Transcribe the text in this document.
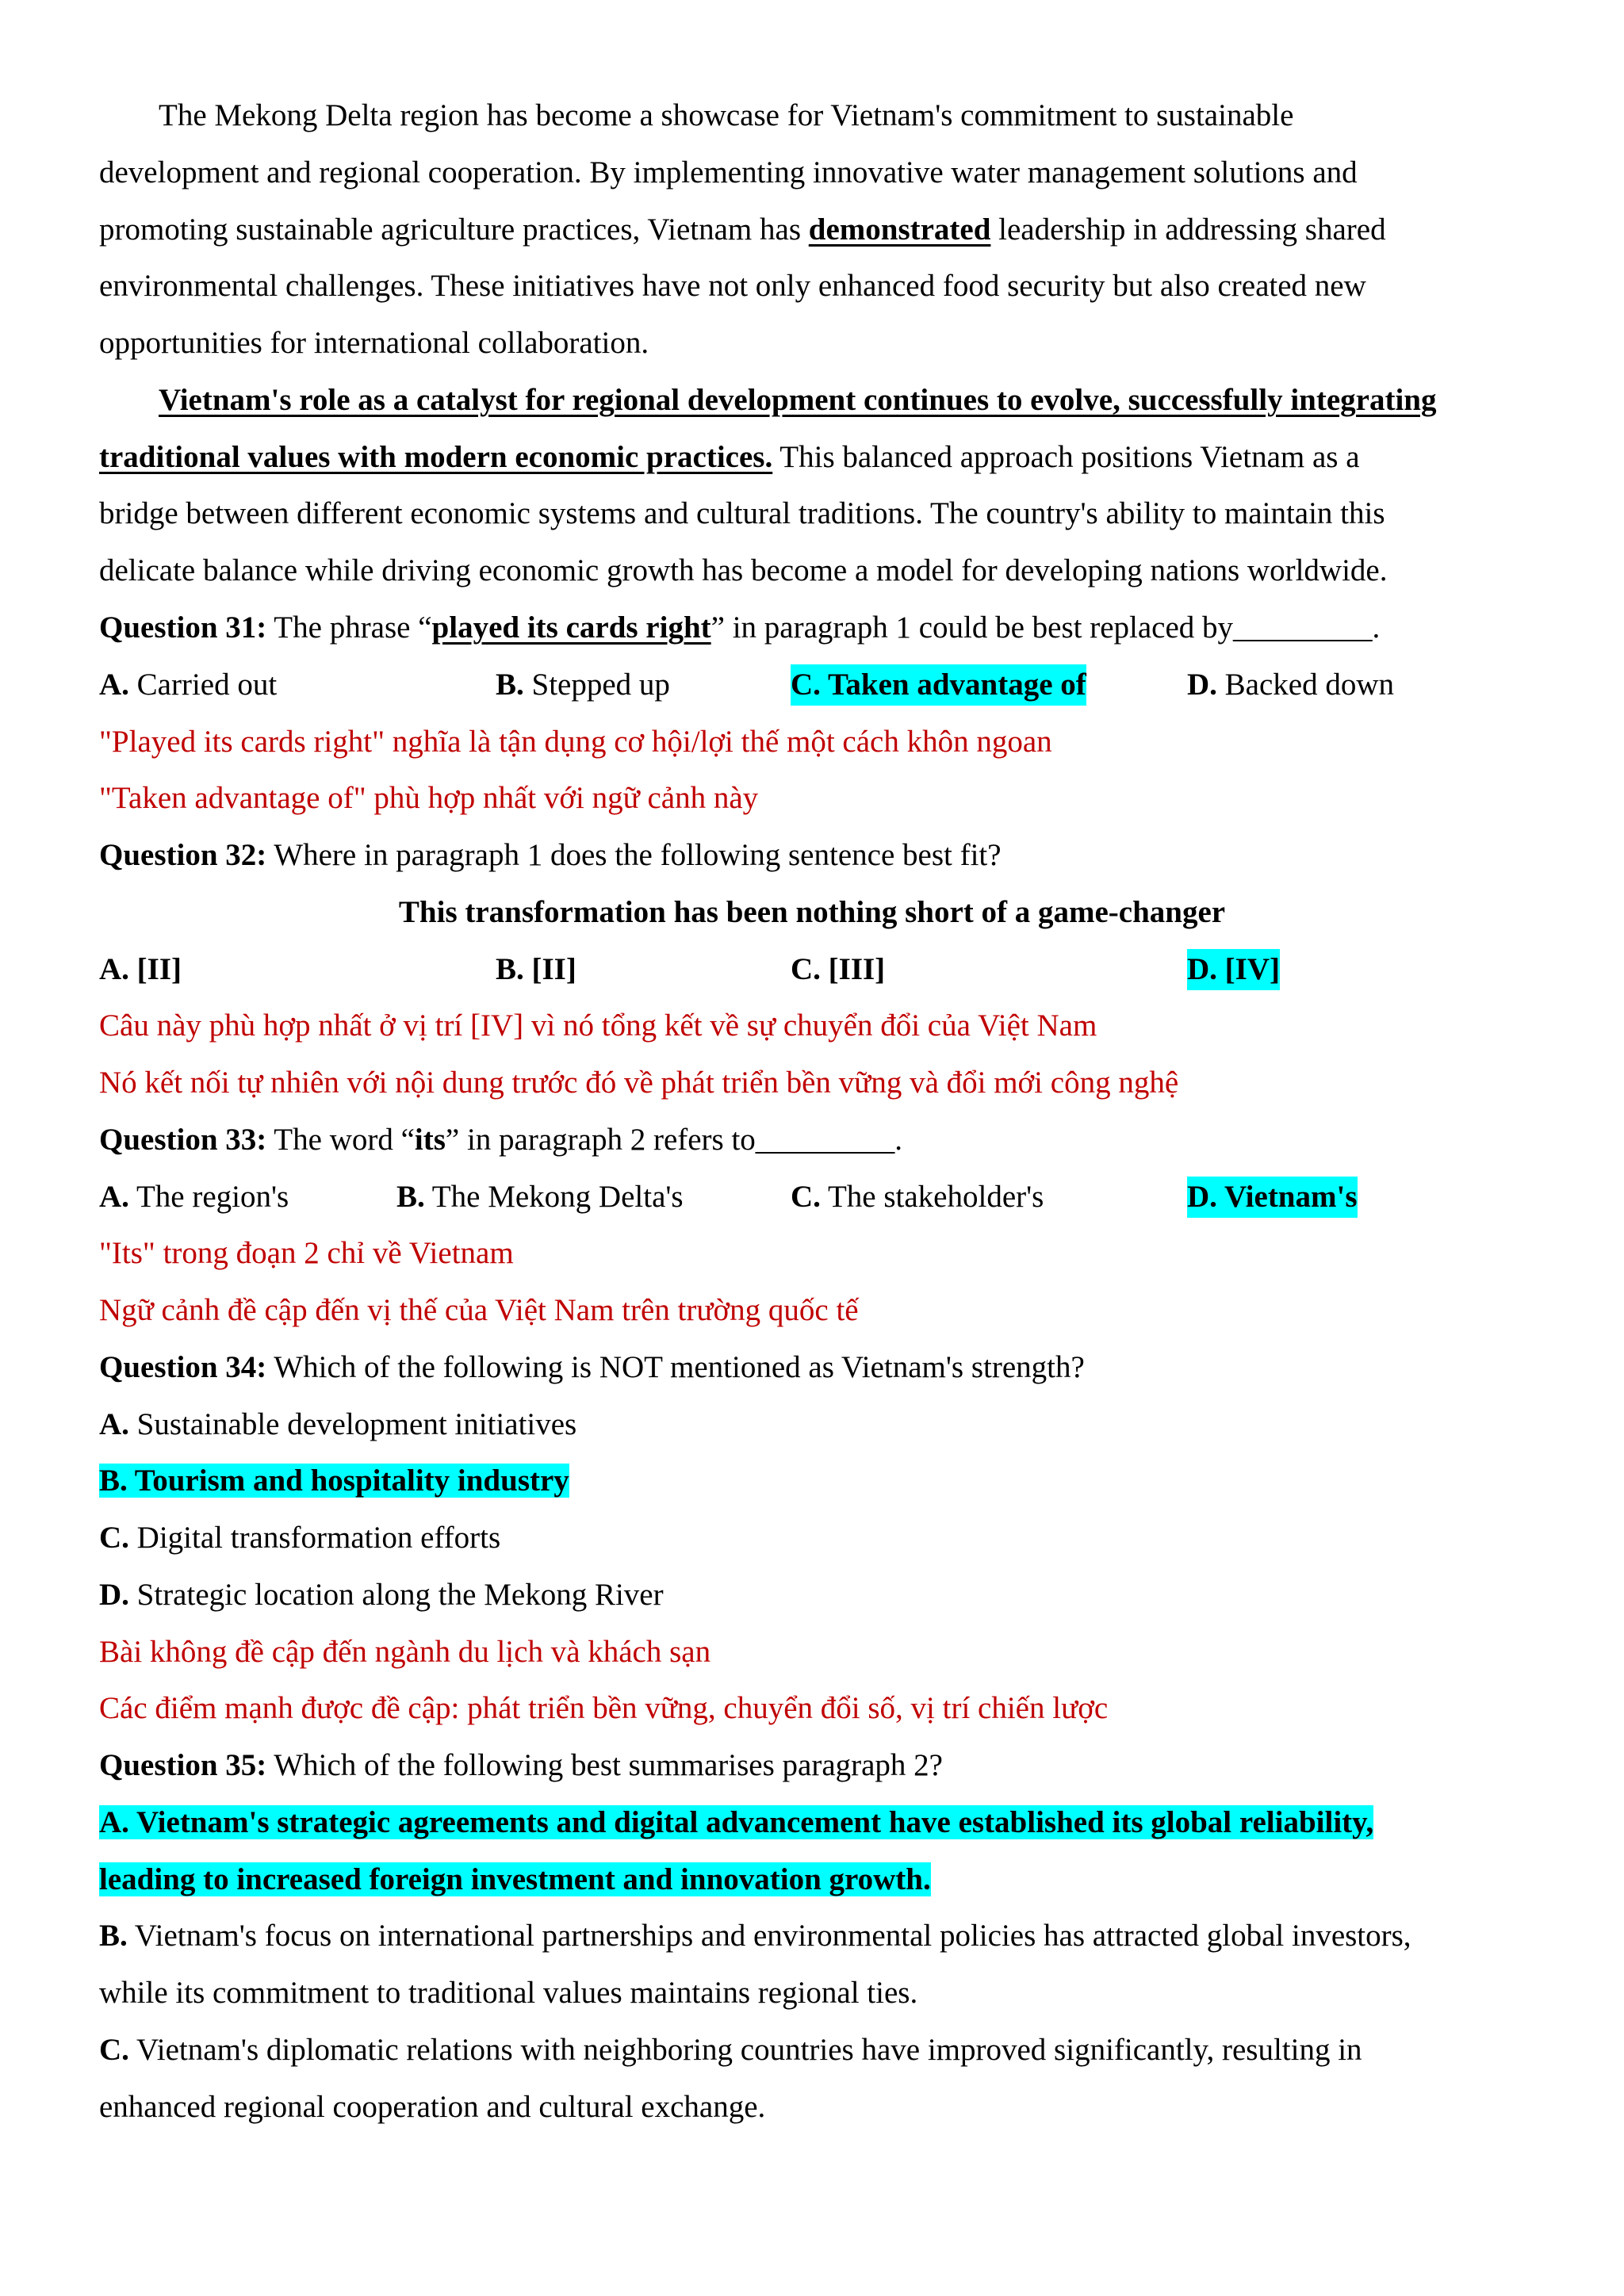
The Mekong Delta region has become a showcase for Vietnam's commitment to sustainable
development and regional cooperation. By implementing innovative water management solutions and
promoting sustainable agriculture practices, Vietnam has demonstrated leadership in addressing shared
environmental challenges. These initiatives have not only enhanced food security but also created new
opportunities for international collaboration.
Vietnam's role as a catalyst for regional development continues to evolve, successfully integrating
traditional values with modern economic practices. This balanced approach positions Vietnam as a
bridge between different economic systems and cultural traditions. The country's ability to maintain this
delicate balance while driving economic growth has become a model for developing nations worldwide.
Question 31: The phrase “played its cards right” in paragraph 1 could be best replaced by_________.
A. Carried out	B. Stepped up	C. Taken advantage of	D. Backed down
"Played its cards right" nghĩa là tận dụng cơ hội/lợi thế một cách khôn ngoan
"Taken advantage of" phù hợp nhất với ngữ cảnh này
Question 32: Where in paragraph 1 does the following sentence best fit?
This transformation has been nothing short of a game-changer
A. [II]	B. [II]	C. [III]	D. [IV]
Câu này phù hợp nhất ở vị trí [IV] vì nó tổng kết về sự chuyển đổi của Việt Nam
Nó kết nối tự nhiên với nội dung trước đó về phát triển bền vững và đổi mới công nghệ
Question 33: The word “its” in paragraph 2 refers to_________.
A. The region's	B. The Mekong Delta's	C. The stakeholder's	D. Vietnam's
"Its" trong đoạn 2 chỉ về Vietnam
Ngữ cảnh đề cập đến vị thế của Việt Nam trên trường quốc tế
Question 34: Which of the following is NOT mentioned as Vietnam's strength?
A. Sustainable development initiatives
B. Tourism and hospitality industry
C. Digital transformation efforts
D. Strategic location along the Mekong River
Bài không đề cập đến ngành du lịch và khách sạn
Các điểm mạnh được đề cập: phát triển bền vững, chuyển đổi số, vị trí chiến lược
Question 35: Which of the following best summarises paragraph 2?
A. Vietnam's strategic agreements and digital advancement have established its global reliability,
leading to increased foreign investment and innovation growth.
B. Vietnam's focus on international partnerships and environmental policies has attracted global investors,
while its commitment to traditional values maintains regional ties.
C. Vietnam's diplomatic relations with neighboring countries have improved significantly, resulting in
enhanced regional cooperation and cultural exchange.
